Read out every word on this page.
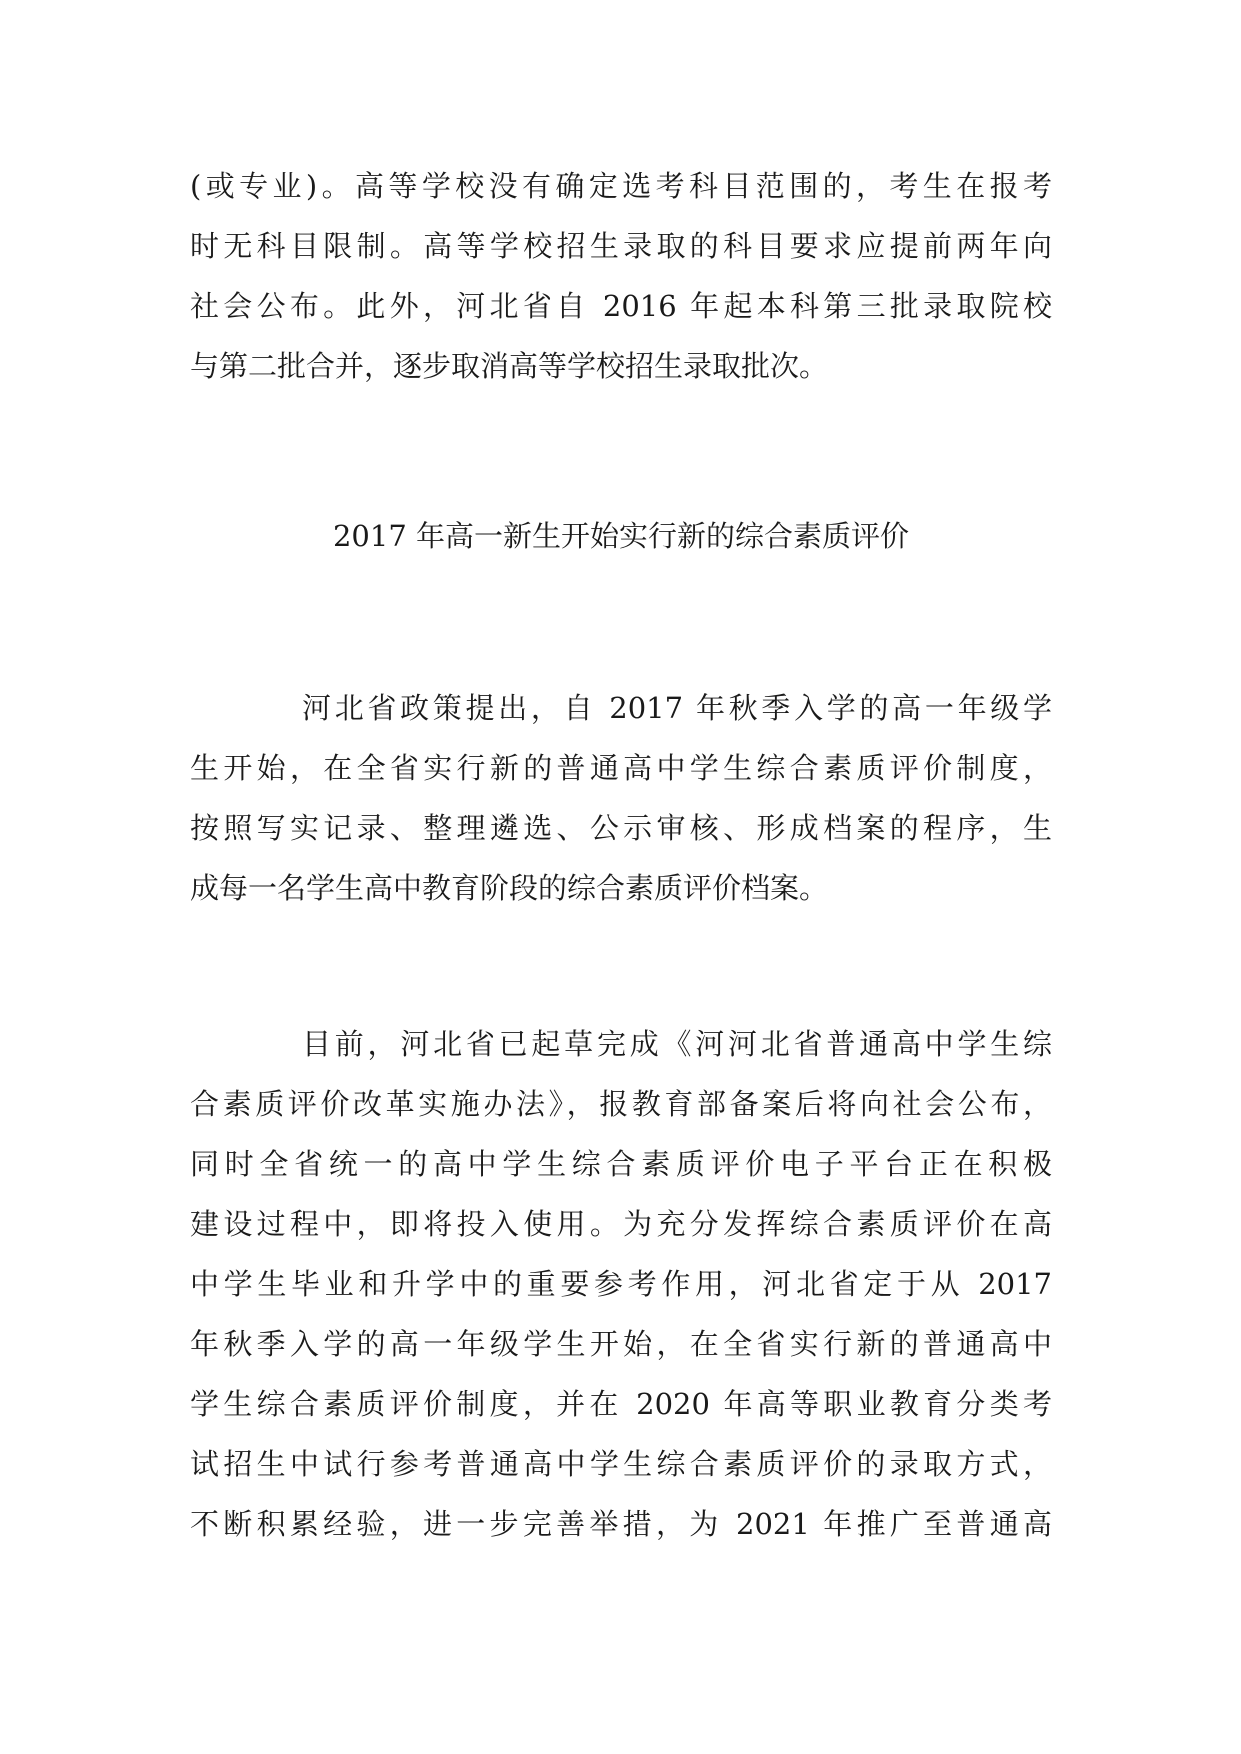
(或专业)。高等学校没有确定选考科目范围的，考生在报考
时无科目限制。高等学校招生录取的科目要求应提前两年向
社会公布。此外，河北省自 2016 年起本科第三批录取院校
与第二批合并，逐步取消高等学校招生录取批次。
2017 年高一新生开始实行新的综合素质评价
河北省政策提出，自 2017 年秋季入学的高一年级学
生开始，在全省实行新的普通高中学生综合素质评价制度，
按照写实记录、整理遴选、公示审核、形成档案的程序，生
成每一名学生高中教育阶段的综合素质评价档案。
目前，河北省已起草完成《河河北省普通高中学生综
合素质评价改革实施办法》，报教育部备案后将向社会公布，
同时全省统一的高中学生综合素质评价电子平台正在积极
建设过程中，即将投入使用。为充分发挥综合素质评价在高
中学生毕业和升学中的重要参考作用，河北省定于从 2017
年秋季入学的高一年级学生开始，在全省实行新的普通高中
学生综合素质评价制度，并在 2020 年高等职业教育分类考
试招生中试行参考普通高中学生综合素质评价的录取方式，
不断积累经验，进一步完善举措，为 2021 年推广至普通高
